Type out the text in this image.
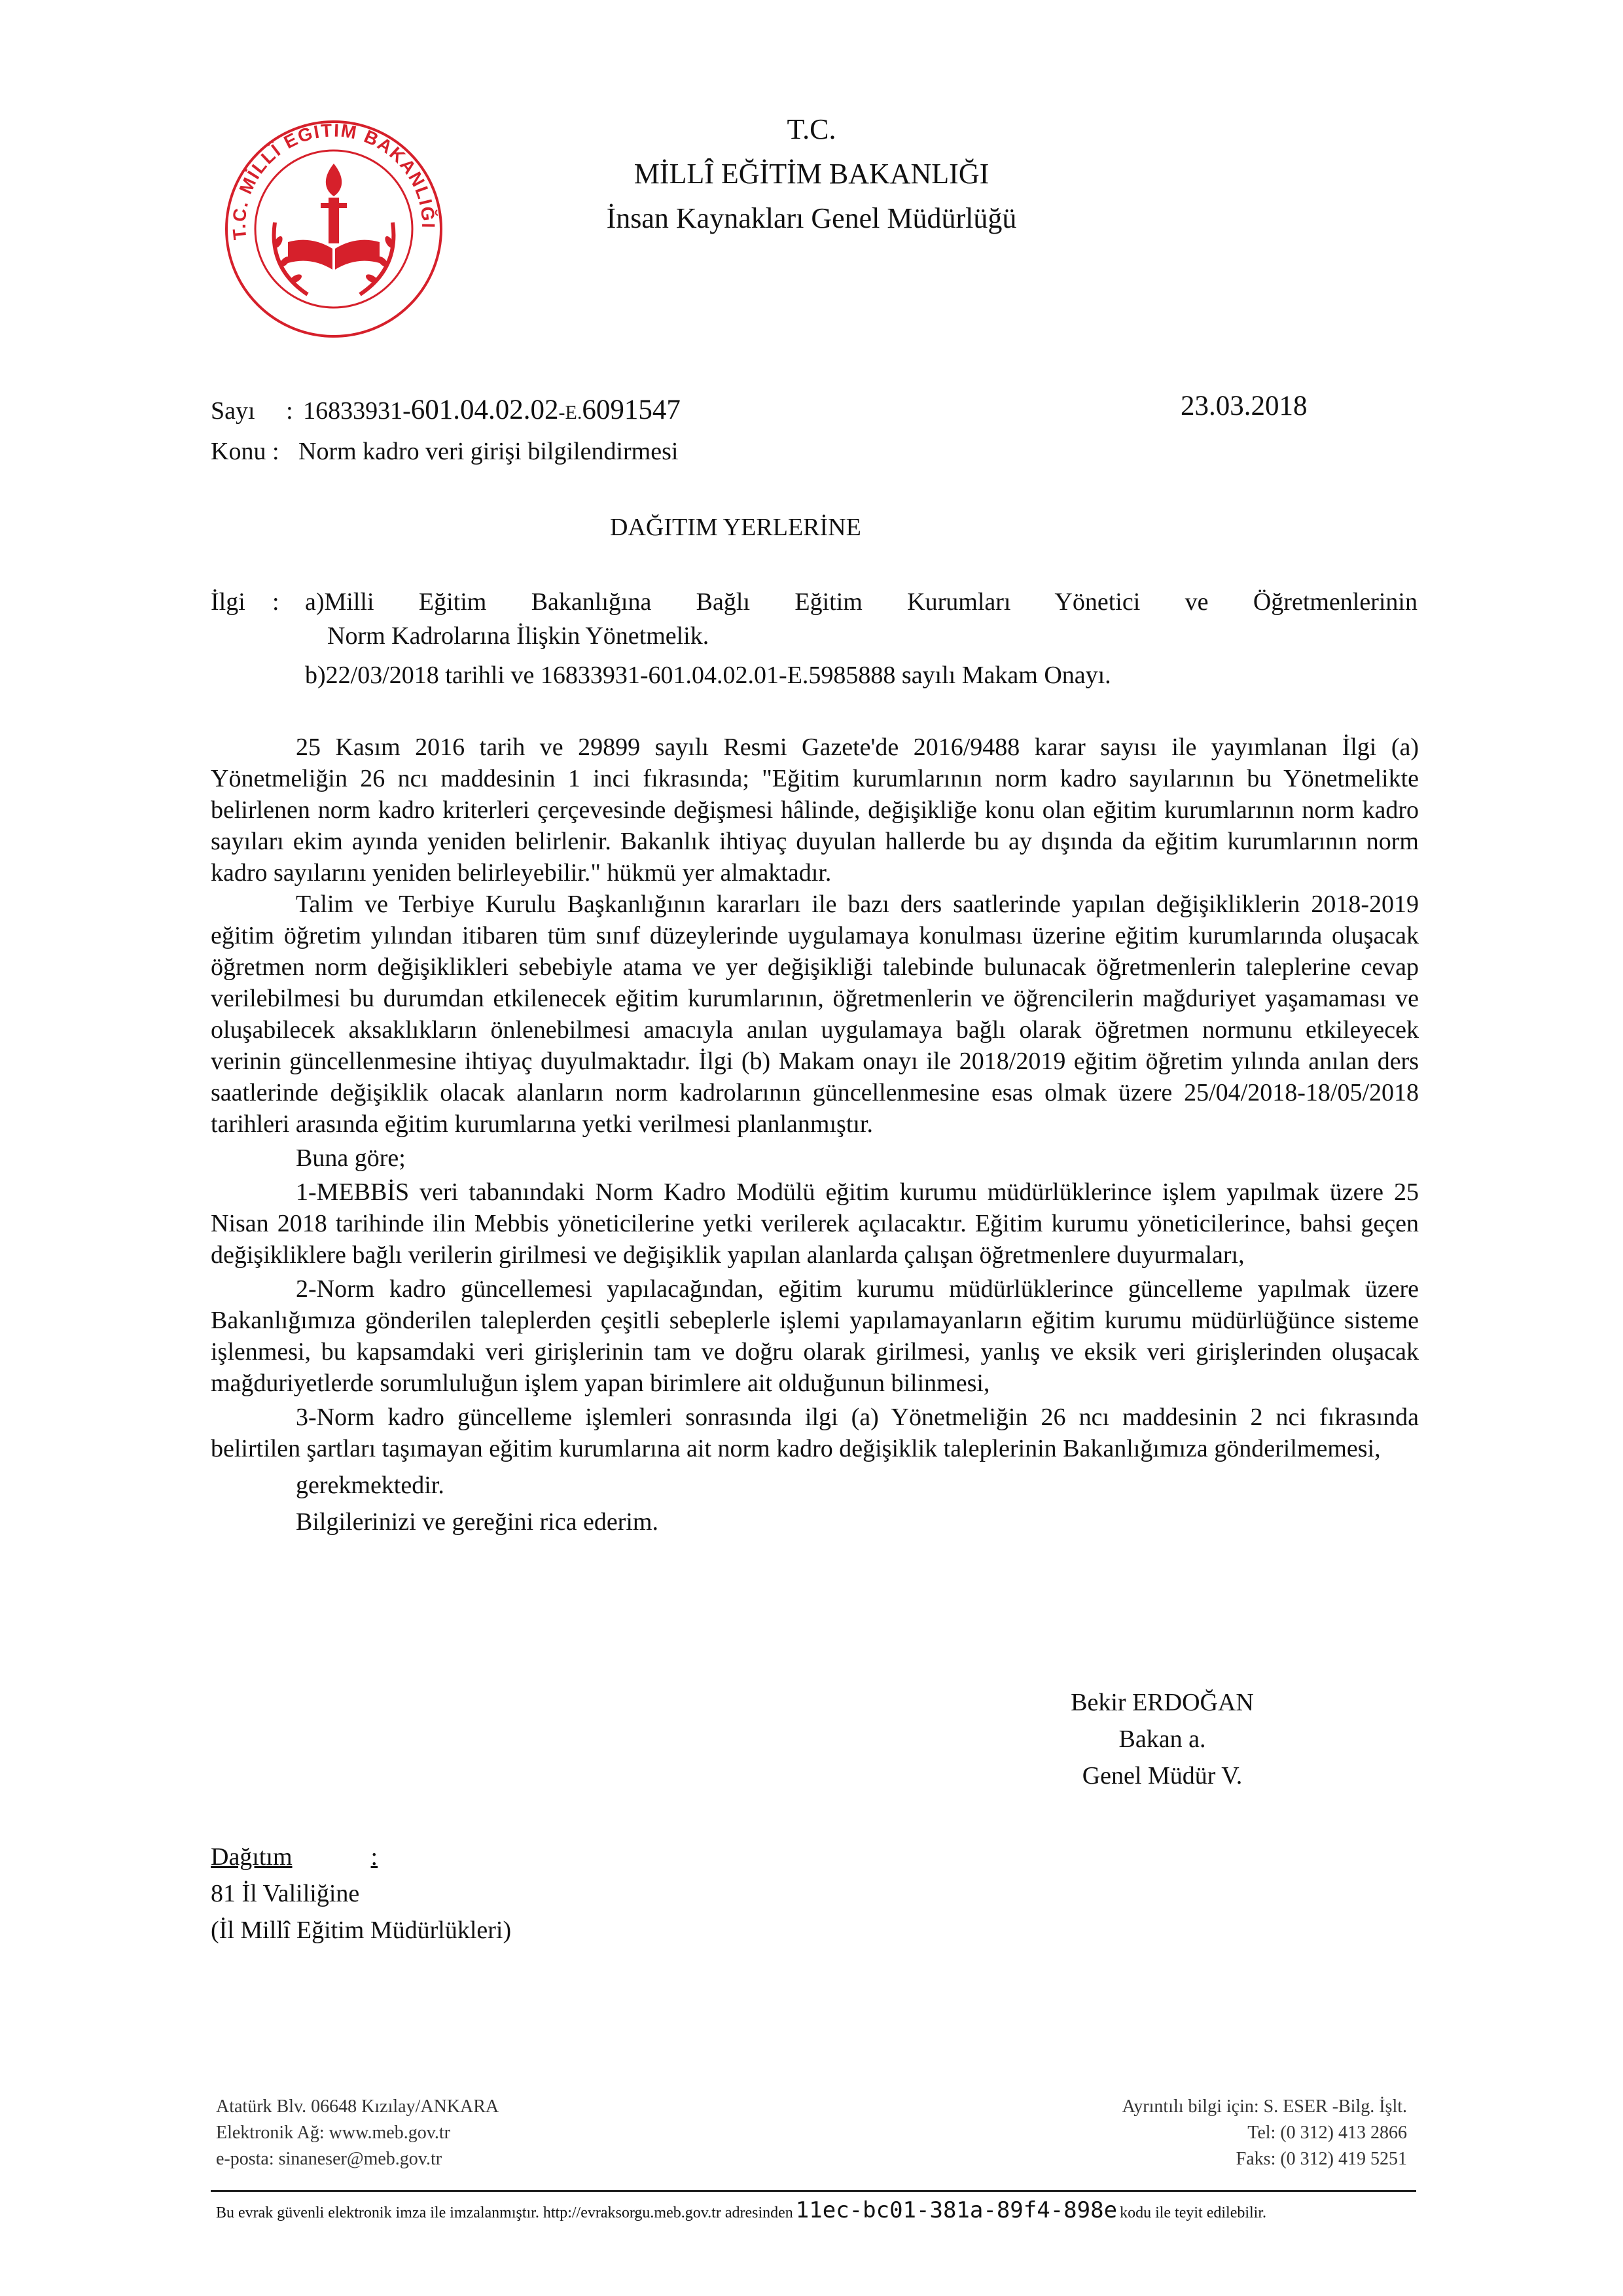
T.C. MİLLÎ EĞİTİM BAKANLIĞI
T.C.
MİLLÎ EĞİTİM BAKANLIĞI
İnsan Kaynakları Genel Müdürlüğü
Sayı : 16833931-601.04.02.02-E.6091547	23.03.2018
Konu : Norm kadro veri girişi bilgilendirmesi
DAĞITIM YERLERİNE
İlgi : a)Milli Eğitim Bakanlığına Bağlı Eğitim Kurumları Yönetici ve Öğretmenlerinin
Norm Kadrolarına İlişkin Yönetmelik.
b)22/03/2018 tarihli ve 16833931-601.04.02.01-E.5985888 sayılı Makam Onayı.

25 Kasım 2016 tarih ve 29899 sayılı Resmi Gazete'de 2016/9488 karar sayısı ile yayımlanan İlgi (a) Yönetmeliğin 26 ncı maddesinin 1 inci fıkrasında; "Eğitim kurumlarının norm kadro sayılarının bu Yönetmelikte belirlenen norm kadro kriterleri çerçevesinde değişmesi hâlinde, değişikliğe konu olan eğitim kurumlarının norm kadro sayıları ekim ayında yeniden belirlenir. Bakanlık ihtiyaç duyulan hallerde bu ay dışında da eğitim kurumlarının norm kadro sayılarını yeniden belirleyebilir." hükmü yer almaktadır.

Talim ve Terbiye Kurulu Başkanlığının kararları ile bazı ders saatlerinde yapılan değişikliklerin 2018-2019 eğitim öğretim yılından itibaren tüm sınıf düzeylerinde uygulamaya konulması üzerine eğitim kurumlarında oluşacak öğretmen norm değişiklikleri sebebiyle atama ve yer değişikliği talebinde bulunacak öğretmenlerin taleplerine cevap verilebilmesi bu durumdan etkilenecek eğitim kurumlarının, öğretmenlerin ve öğrencilerin mağduriyet yaşamaması ve oluşabilecek aksaklıkların önlenebilmesi amacıyla anılan uygulamaya bağlı olarak öğretmen normunu etkileyecek verinin güncellenmesine ihtiyaç duyulmaktadır. İlgi (b) Makam onayı ile 2018/2019 eğitim öğretim yılında anılan ders saatlerinde değişiklik olacak alanların norm kadrolarının güncellenmesine esas olmak üzere 25/04/2018-18/05/2018 tarihleri arasında eğitim kurumlarına yetki verilmesi planlanmıştır.

Buna göre;

1-MEBBİS veri tabanındaki Norm Kadro Modülü eğitim kurumu müdürlüklerince işlem yapılmak üzere 25 Nisan 2018 tarihinde ilin Mebbis yöneticilerine yetki verilerek açılacaktır. Eğitim kurumu yöneticilerince, bahsi geçen değişikliklere bağlı verilerin girilmesi ve değişiklik yapılan alanlarda çalışan öğretmenlere duyurmaları,

2-Norm kadro güncellemesi yapılacağından, eğitim kurumu müdürlüklerince güncelleme yapılmak üzere Bakanlığımıza gönderilen taleplerden çeşitli sebeplerle işlemi yapılamayanların eğitim kurumu müdürlüğünce sisteme işlenmesi, bu kapsamdaki veri girişlerinin tam ve doğru olarak girilmesi, yanlış ve eksik veri girişlerinden oluşacak mağduriyetlerde sorumluluğun işlem yapan birimlere ait olduğunun bilinmesi,

3-Norm kadro güncelleme işlemleri sonrasında ilgi (a) Yönetmeliğin 26 ncı maddesinin 2 nci fıkrasında belirtilen şartları taşımayan eğitim kurumlarına ait norm kadro değişiklik taleplerinin Bakanlığımıza gönderilmemesi,

gerekmektedir.

Bilgilerinizi ve gereğini rica ederim.

Bekir ERDOĞAN
Bakan a.
Genel Müdür V.
Dağıtım	:
81 İl Valiliğine
(İl Millî Eğitim Müdürlükleri)
Atatürk Blv. 06648 Kızılay/ANKARA
Elektronik Ağ: www.meb.gov.tr
e-posta: sinaneser@meb.gov.tr
Ayrıntılı bilgi için: S. ESER -Bilg. İşlt.
Tel: (0 312) 413 2866
Faks: (0 312) 419 5251
Bu evrak güvenli elektronik imza ile imzalanmıştır. http://evraksorgu.meb.gov.tr adresinden 11ec-bc01-381a-89f4-898e kodu ile teyit edilebilir.
